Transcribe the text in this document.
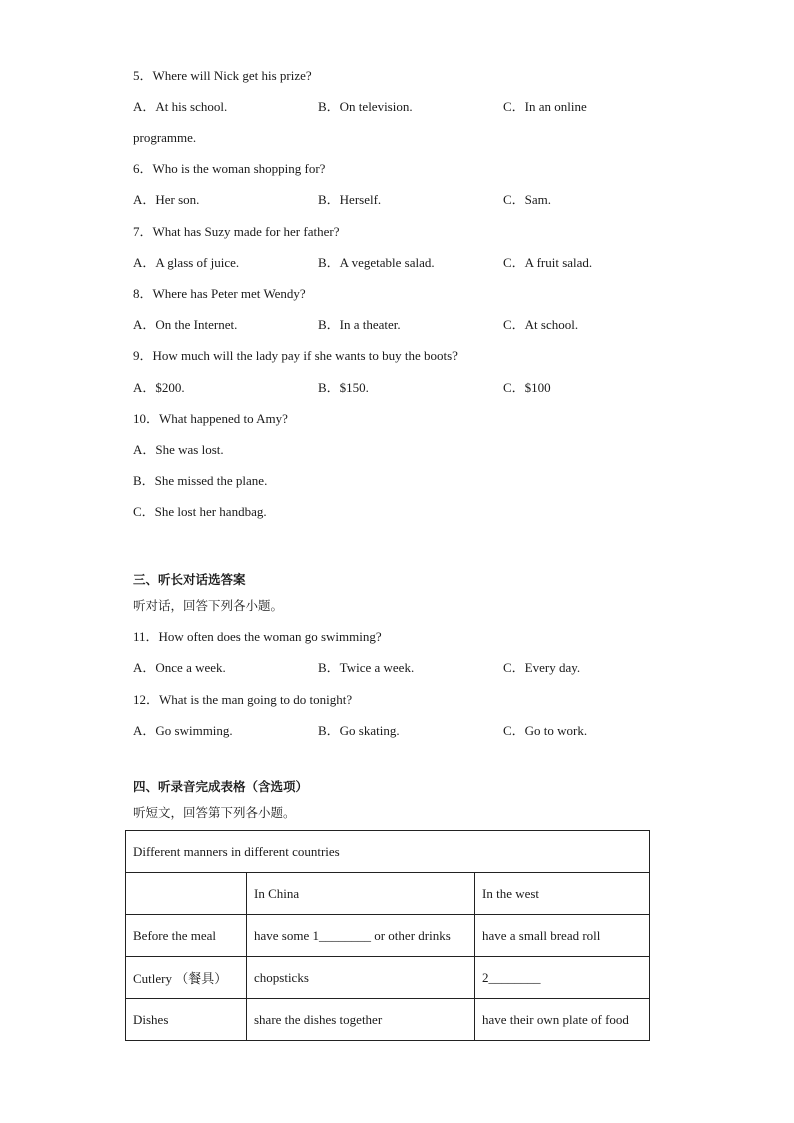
5．Where will Nick get his prize?
A．At his school.	B．On television.	C．In an online
programme.
6．Who is the woman shopping for?
A．Her son.	B．Herself.	C．Sam.
7．What has Suzy made for her father?
A．A glass of juice.	B．A vegetable salad.	C．A fruit salad.
8．Where has Peter met Wendy?
A．On the Internet.	B．In a theater.	C．At school.
9．How much will the lady pay if she wants to buy the boots?
A．$200.	B．$150.	C．$100
10．What happened to Amy?
A．She was lost.
B．She missed the plane.
C．She lost her handbag.
三、听长对话选答案
听对话，回答下列各小题。
11．How often does the woman go swimming?
A．Once a week.	B．Twice a week.	C．Every day.
12．What is the man going to do tonight?
A．Go swimming.	B．Go skating.	C．Go to work.
四、听录音完成表格（含选项）
听短文，回答第下列各小题。
Different manners in different countries		
	In China	In the west
Before the meal	have some 1________ or other drinks	have a small bread roll
Cutlery （餐具）	chopsticks	2________
Dishes	share the dishes together	have their own plate of food
